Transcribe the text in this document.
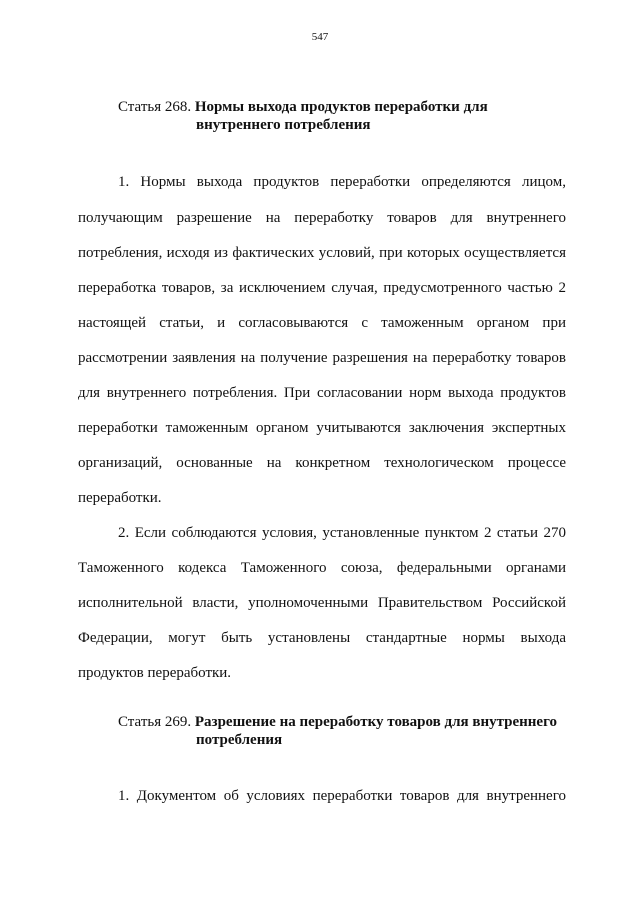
547
Статья 268. Нормы выхода продуктов переработки для
внутреннего потребления
1. Нормы выхода продуктов переработки определяются лицом,
получающим разрешение на переработку товаров для внутреннего
потребления, исходя из фактических условий, при которых осуществляется
переработка товаров, за исключением случая, предусмотренного частью 2
настоящей статьи, и согласовываются с таможенным органом при
рассмотрении заявления на получение разрешения на переработку товаров
для внутреннего потребления. При согласовании норм выхода продуктов
переработки таможенным органом учитываются заключения экспертных
организаций, основанные на конкретном технологическом процессе
переработки.
2. Если соблюдаются условия, установленные пунктом 2 статьи 270
Таможенного кодекса Таможенного союза, федеральными органами
исполнительной власти, уполномоченными Правительством Российской
Федерации, могут быть установлены стандартные нормы выхода
продуктов переработки.
Статья 269. Разрешение на переработку товаров для внутреннего
потребления
1. Документом об условиях переработки товаров для внутреннего
